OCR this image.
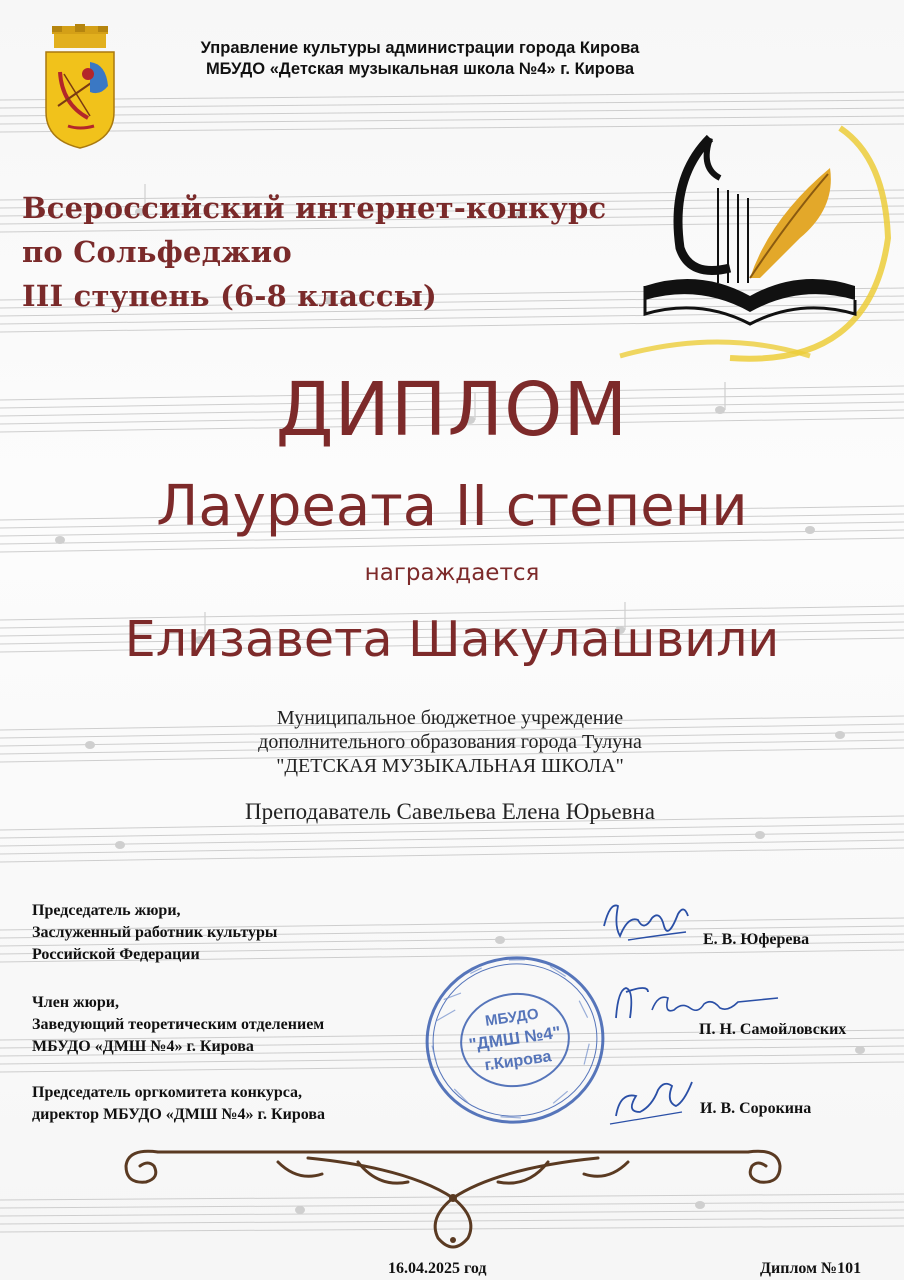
Управление культуры администрации города Кирова
МБУДО «Детская музыкальная школа №4» г. Кирова
Всероссийский интернет-конкурс
по Сольфеджио
III ступень (6-8 классы)
ДИПЛОМ
Лауреата II степени
награждается
Елизавета Шакулашвили
Муниципальное бюджетное учреждение
дополнительного образования города Тулуна
"ДЕТСКАЯ МУЗЫКАЛЬНАЯ ШКОЛА"
Преподаватель Савельева Елена Юрьевна
Председатель жюри,
Заслуженный работник культуры
Российской Федерации
Член жюри,
Заведующий теоретическим отделением
МБУДО «ДМШ №4» г. Кирова
Председатель оргкомитета конкурса,
директор МБУДО «ДМШ №4» г. Кирова
МБУДО
"ДМШ №4"
г.Кирова
Е. В. Юферева
П. Н. Самойловских
И. В. Сорокина
16.04.2025 год	Диплом №101
